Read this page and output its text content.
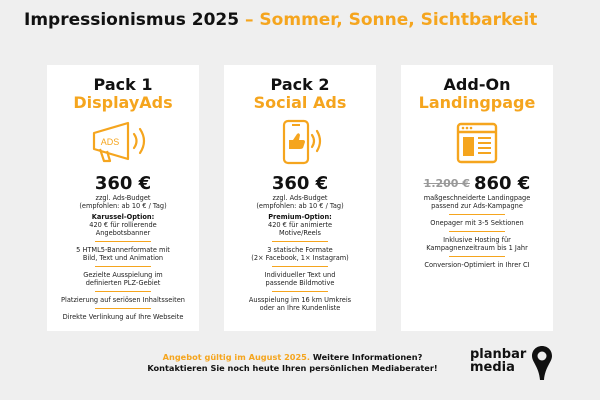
Impressionismus 2025 – Sommer, Sonne, Sichtbarkeit
Pack 1
DisplayAds
ADS
360 €
zzgl. Ads-Budget
(empfohlen: ab 10 € / Tag)
Karussel-Option:
420 € für rollierende
Angebotsbanner
5 HTML5-Bannerformate mit
Bild, Text und Animation
Gezielte Ausspielung im
definierten PLZ-Gebiet
Platzierung auf seriösen Inhaltsseiten
Direkte Verlinkung auf Ihre Webseite
Pack 2
Social Ads
360 €
zzgl. Ads-Budget
(empfohlen: ab 10 € / Tag)
Premium-Option:
420 € für animierte
Motive/Reels
3 statische Formate
(2× Facebook, 1× Instagram)
Individueller Text und
passende Bildmotive
Ausspielung im 16 km Umkreis
oder an Ihre Kundenliste
Add-On
Landingpage
1.200 € 860 €
maßgeschneiderte Landingpage
passend zur Ads-Kampagne
Onepager mit 3-5 Sektionen
Inklusive Hosting für
Kampagnenzeitraum bis 1 Jahr
Conversion-Optimiert in Ihrer CI
Angebot gültig im August 2025. Weitere Informationen?
Kontaktieren Sie noch heute Ihren persönlichen Mediaberater!
planbar
media
